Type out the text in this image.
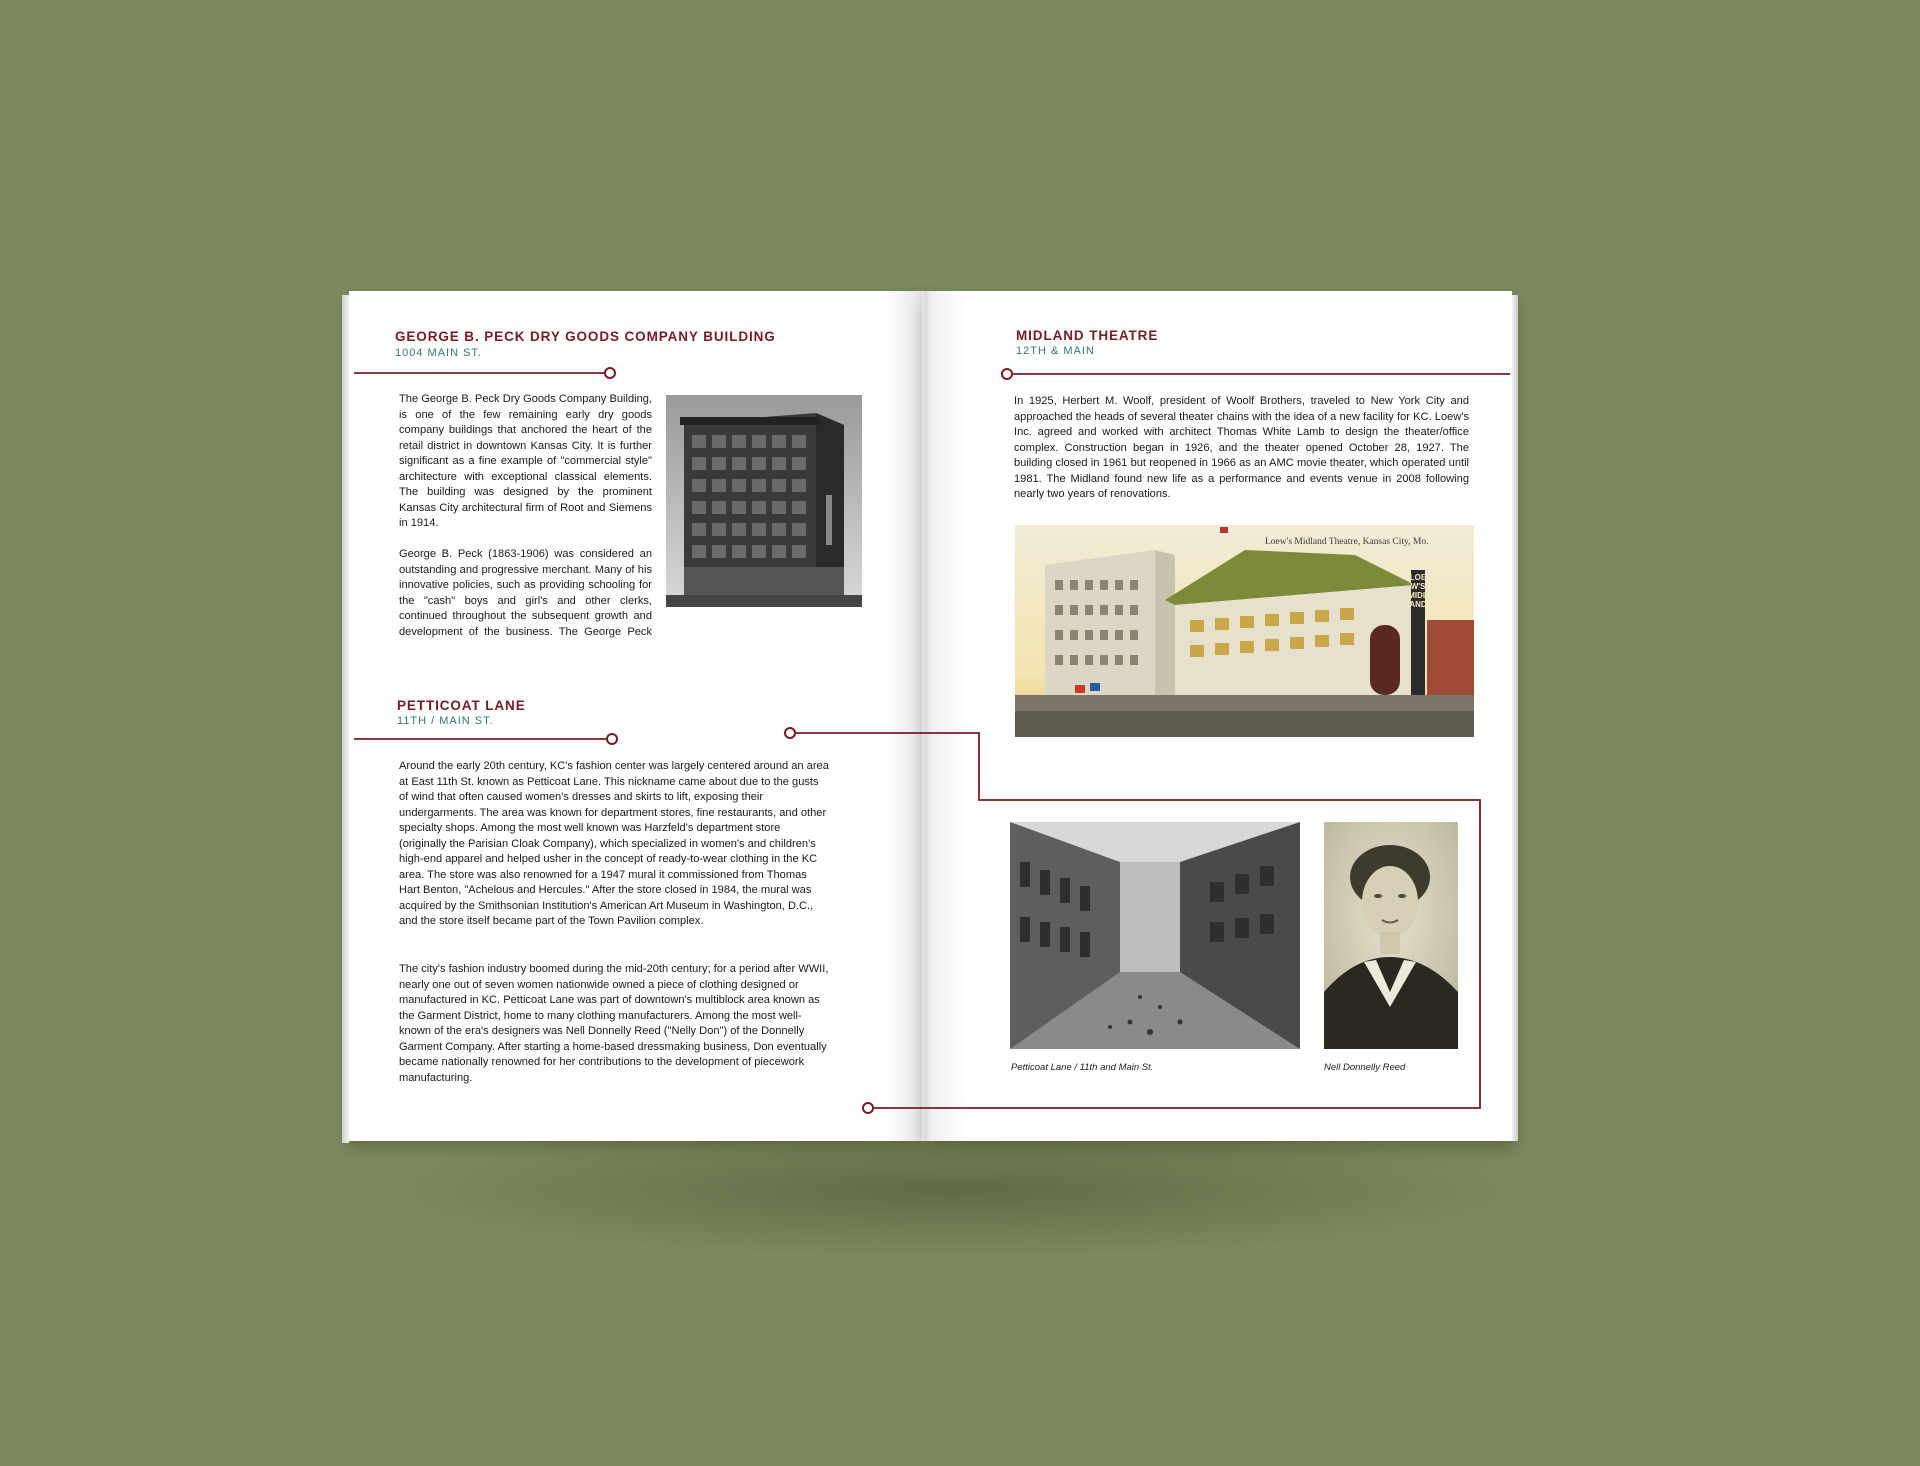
GEORGE B. PECK DRY GOODS COMPANY BUILDING
1004 MAIN ST.

The George B. Peck Dry Goods Company Building, is one of the few remaining early dry goods company buildings that anchored the heart of the retail district in downtown Kansas City. It is further significant as a fine example of "commercial style" architecture with exceptional classical elements. The building was designed by the prominent Kansas City architectural firm of Root and Siemens in 1914.

George B. Peck (1863-1906) was considered an outstanding and progressive merchant. Many of his innovative policies, such as providing schooling for the "cash" boys and girl's and other clerks, continued throughout the subsequent growth and development of the business. The George Peck

PETTICOAT LANE
11TH / MAIN ST.

Around the early 20th century, KC's fashion center was largely centered around an area at East 11th St. known as Petticoat Lane. This nickname came about due to the gusts of wind that often caused women's dresses and skirts to lift, exposing their undergarments. The area was known for department stores, fine restaurants, and other specialty shops. Among the most well known was Harzfeld's department store (originally the Parisian Cloak Company), which specialized in women's and children's high-end apparel and helped usher in the concept of ready-to-wear clothing in the KC area. The store was also renowned for a 1947 mural it commissioned from Thomas Hart Benton, "Achelous and Hercules." After the store closed in 1984, the mural was acquired by the Smithsonian Institution's American Art Museum in Washington, D.C., and the store itself became part of the Town Pavilion complex.

The city's fashion industry boomed during the mid-20th century; for a period after WWII, nearly one out of seven women nationwide owned a piece of clothing designed or manufactured in KC. Petticoat Lane was part of downtown's multiblock area known as the Garment District, home to many clothing manufacturers. Among the most well-known of the era's designers was Nell Donnelly Reed ("Nelly Don") of the Donnelly Garment Company. After starting a home-based dressmaking business, Don eventually became nationally renowned for her contributions to the development of piecework manufacturing.

MIDLAND THEATRE
12TH & MAIN

In 1925, Herbert M. Woolf, president of Woolf Brothers, traveled to New York City and approached the heads of several theater chains with the idea of a new facility for KC. Loew's Inc. agreed and worked with architect Thomas White Lamb to design the theater/office complex. Construction began in 1926, and the theater opened October 28, 1927. The building closed in 1961 but reopened in 1966 as an AMC movie theater, which operated until 1981. The Midland found new life as a performance and events venue in 2008 following nearly two years of renovations.

Loew's Midland Theatre, Kansas City, Mo.
LOEW'S MIDLAND
Petticoat Lane / 11th and Main St.	Nell Donnelly Reed
